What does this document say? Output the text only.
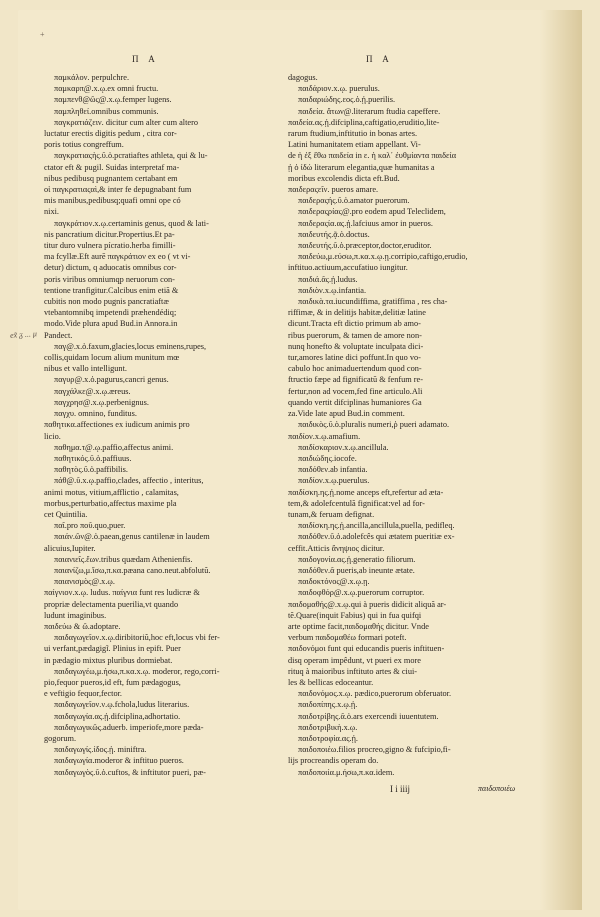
+
Π Α	Π Α
ex̃ ᵹ ... μ
παμκάλον. perpulchre.
παμκαρπ@.x.ῳ.ex omni fructu.
παμπενθ@ῶς@.x.ῳ.femper lugens.
παμπληθεί.omnibus communis.
παγκρατιάζειν. dicitur cum alter cum altero
luctatur erectis digitis pedum , citra cor-
poris totius congreffum.
παγκρατιαςὴς.ῦ.ὁ.pcratiaftes athleta, qui & lu-
* ctator eft & pugil. Suidas interpretaf ma-
nibus pedibusq pugnantem certabant em
οἱ παγκρατιαςαὶ,& inter fe depugnabant fum
mis manibus,pedibusq;quafi omni ope có
nixi.
παγκράτιον.x.ῳ.certaminis genus, quod & lati-
nis pancratium dicitur.Propertius.Et pa-
titur duro vulnera pícratio.herba fimilli-
* ma fcyllæ.Eft aurē παγκράτιον ex eo ( vt vi-
detur) dictum, q aduocatis omnibus cor-
poris viribus omniumqp neruorum con-
tentione tranfigitur.Calcibus enim etiã &
cubitis non modo pugnis pancratiaftæ
vtebantomnibq impetendi præhendédiq;
modo.Vide plura apud Bud.in Annora.in
Pandect.
παγ@.x.ὁ.faxum,glacies,locus eminens,rupes,
* collis,quidam locum alium munitum mœ
nibus et vallo intelligunt.
παγυρ@.x.ὁ.pagurus,cancri genus.
παγχάλκε@.x.ῳ.æreus.
παγχρησ@.x.ῳ.perbenignus.
παγχυ. omnino, funditus.
* παθητικα.affectiones ex iudicum animis pro
licio.
παθημα.τ@.ῳ.paffio,affectus animi.
παθητικός.ῦ.ὁ.paffiuus.
παθητὸς.ῦ.ὁ.paffibilis.
πάθ@.ῦ.x.ῳ.paffio,clades, affectio , interitus,
* animi motus, vitium,afflictio , calamitas,
morbus,perturbatio,affectus maxime pla
cet Quintilia.
παῖ.pro ποῦ.quo,puer.
παιάν.ῶν@.ὁ.paean,genus cantilenæ in laudem
alicuius,Iupiter.
παιανιεῖς.ἔων.tribus quædam Athenienfis.
παιανίζω,μ.ἴσω,π.κα.pæana cano.neut.abfolutũ.
παιανισμὸς@.x.ῳ.
* παίγνιον.x.ῳ. ludus. παίγνια funt res ludicræ &
propriæ delectamenta puerilia,vt quando
ludunt imaginibus.
* παιδεύω & ῶ.adoptare.
παιδαγωγεῖον.x.ῳ.diribitoriũ,hoc eft,locus vbi fer-
ui verfant,pædagigĩ. Plinius in epift. Puer
in pædagio mixtus pluribus dormiebat.
παιδαγωγέω,μ.ήσω,π.κα.x.ῳ. moderor, rego,corri-
* pio,fequor pueros,id eft, fum pædagogus,
e veftigio fequor,fector.
παιδαγωγεῖον.ν.ῳ.fchola,ludus literarius.
παιδαγωγία.ας.ᾐ.difciplina,adhortatio.
παιδαγωγικῶς.aduerb. imperiofe,more pæda-
gogorum.
παιδαγωγίς.ίδος.ᾐ. miniftra.
παιδαγωγία.moderor & inftituo pueros.
παιδαγωγὸς.ῦ.ὁ.cuftos, & inftitutor pueri, pæ-
dagogus.
παιδάριον.x.ῳ. puerulus.
παιδαριώδης.εος.ὁ.ᾐ.puerilis.
παιδεία. ἄτων@.literarum ftudia capeffere.
* παιδεία.ας.ᾐ.difciplina,caftigatio,eruditio,lite-
rarum ftudium,inftitutio in bonas artes.
Latini humanitatem etiam appellant. Vi-
de ἡ ἐξ ἔθω παιδεία in ε. ἡ καλ᾽ ἐυθμίαντα παιδεία
ᾐ ὁ ἰδώ literarum elegantia,quæ humanitas a
moribus excolendis dicta eft.Bud.
* παιδεραςεῖν. pueros amare.
παιδεραςής.ῦ.ὁ.amator puerorum.
παιδεραςρίας@.pro eodem apud Teleclidem,
παιδεραςία.ας.ᾐ.lafciuus amor in pueros.
παιδευτής.ᾷ.ὁ.doctus.
παιδευτής.ῦ.ὁ.præceptor,doctor,eruditor.
παιδεύω,μ.εύσω,π.κα.x.ῳ.ῃ.corripio,caftigo,erudio,
inftituo.actiuum,accufatiuo iungitur.
παιδιά.ᾶς.ᾐ.ludus.
παιδιὸν.x.ῳ.infantia.
παιδικὰ.τα.iucundiffima, gratiffima , res cha-
* riffimæ, & in delitijs habitæ,delitiæ latine
dicunt.Tracta eft dictio primum ab amo-
ribus puerorum, & tamen de amore non-
nunq honefto & voluptate inculpata dici-
tur,amores latine dici poffunt.In quo vo-
cabulo hoc animaduertendum quod con-
ftructio fæpe ad fignificatũ & fenfum re-
fertur,non ad vocem,fed fine articulo.Ali
quando vertit difciplinas humaniores Ga
za.Vide late apud Bud.in comment.
παιδικὸς.ῦ.ὁ.pluralis numeri,ῥ pueri adamato.
* παιδίον.x.ῳ.amafium.
παιδίσκαριον.x.ῳ.ancillula.
παιδιώδης.iocofe.
παιδόθεν.ab infantia.
παιδίον.x.ῳ.puerulus.
* παιδίσκη.ης.ᾐ.nome anceps eft,refertur ad æta-
tem,& adolefcentulã fignificat:vel ad for-
tunam,& feruam defignat.
παιδίσκη.ης.ᾐ.ancilla,ancillula,puella, pedifleq.
παιδόθεν.ῦ.ὁ.adolefcês qui ætatem pueritiæ ex-
ceffit.Atticis ἄνηψιος dicitur.
παιδογονία.ας.ᾐ.generatio filiorum.
παιδόθεν.ᾶ pueris,ab ineunte ætate.
παιδοκτόνος@.x.ῳ.ῃ.
παιδοφθόρ@.x.ῳ.puerorum corruptor.
* παιδομαθής@.x.ῳ.qui à pueris didicit aliquã ar-
tẽ.Quare(inquit Fabius) qui in fua quifqi
arte optime facit,παιδομαθής dicitur. Vnde
verbum παιδομαθέω formari poteft.
* παιδονόμοι funt qui educandis pueris inftituen-
disq operam impêdunt, vt pueri ex more
rituq à maioribus inftituto artes & ciui-
les & bellicas edoceantur.
παιδονόμος.x.ῳ. pædico,puerorum obferuator.
παιδοπίπης.x.ῳ.ᾐ.
παιδοτρίβης.ᾶ.ὁ.ars exercendi iuuentutem.
παιδοτριβικὴ.x.ῳ.
παιδοτροφία.ας.ᾐ.
παιδοποιέω.filios procreo,gigno & fufcipio,fi-
* lijs procreandis operam do.
παιδοποιία.μ.ήσω,π.κα.idem.
I i iiij	παιδοποιέω
